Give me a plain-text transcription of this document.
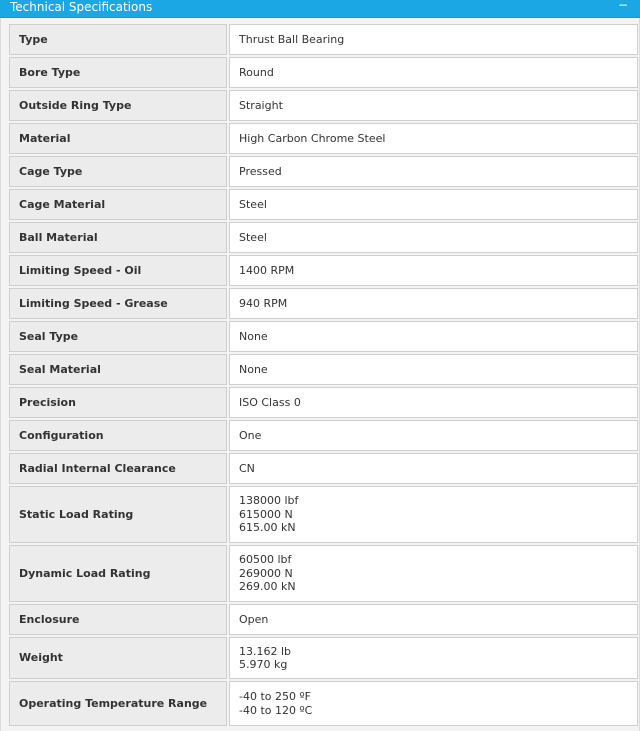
Technical Specifications	−
Type	Thrust Ball Bearing

Bore Type	Round

Outside Ring Type	Straight

Material	High Carbon Chrome Steel

Cage Type	Pressed

Cage Material	Steel

Ball Material	Steel

Limiting Speed - Oil	1400 RPM

Limiting Speed - Grease	940 RPM

Seal Type	None

Seal Material	None

Precision	ISO Class 0

Configuration	One

Radial Internal Clearance	CN

Static Load Rating	138000 lbf
615000 N
615.00 kN

Dynamic Load Rating	60500 lbf
269000 N
269.00 kN

Enclosure	Open

Weight	13.162 lb
5.970 kg

Operating Temperature Range	-40 to 250 ºF
-40 to 120 ºC
